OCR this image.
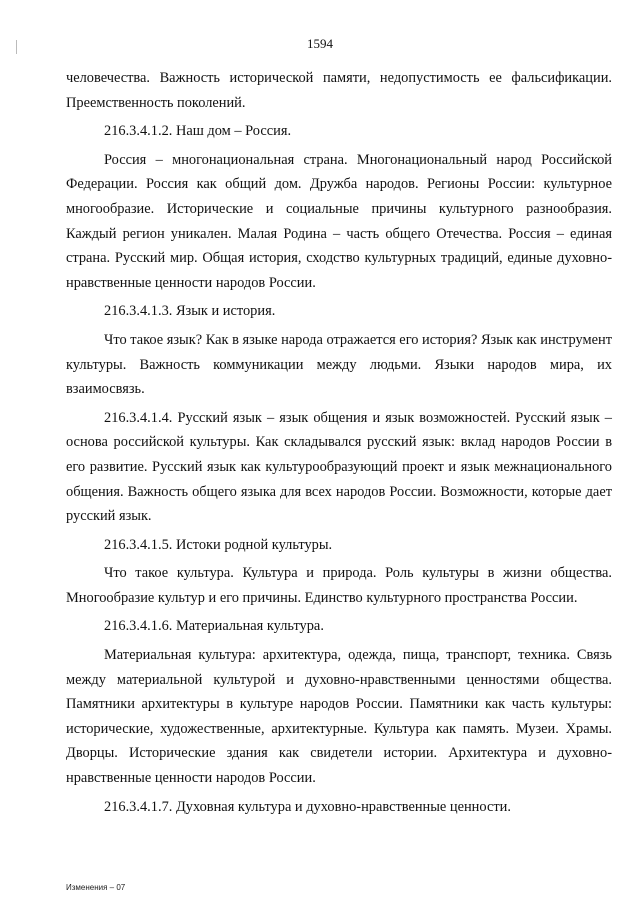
1594

человечества. Важность исторической памяти, недопустимость ее фальсификации. Преемственность поколений.

216.3.4.1.2. Наш дом – Россия.

Россия – многонациональная страна. Многонациональный народ Российской Федерации. Россия как общий дом. Дружба народов. Регионы России: культурное многообразие. Исторические и социальные причины культурного разнообразия. Каждый регион уникален. Малая Родина – часть общего Отечества. Россия – единая страна. Русский мир. Общая история, сходство культурных традиций, единые духовно-нравственные ценности народов России.

216.3.4.1.3. Язык и история.

Что такое язык? Как в языке народа отражается его история? Язык как инструмент культуры. Важность коммуникации между людьми. Языки народов мира, их взаимосвязь.

216.3.4.1.4. Русский язык – язык общения и язык возможностей. Русский язык – основа российской культуры. Как складывался русский язык: вклад народов России в его развитие. Русский язык как культурообразующий проект и язык межнационального общения. Важность общего языка для всех народов России. Возможности, которые дает русский язык.

216.3.4.1.5. Истоки родной культуры.

Что такое культура. Культура и природа. Роль культуры в жизни общества. Многообразие культур и его причины. Единство культурного пространства России.

216.3.4.1.6. Материальная культура.

Материальная культура: архитектура, одежда, пища, транспорт, техника. Связь между материальной культурой и духовно-нравственными ценностями общества. Памятники архитектуры в культуре народов России. Памятники как часть культуры: исторические, художественные, архитектурные. Культура как память. Музеи. Храмы. Дворцы. Исторические здания как свидетели истории. Архитектура и духовно-нравственные ценности народов России.

216.3.4.1.7. Духовная культура и духовно-нравственные ценности.

Изменения – 07
